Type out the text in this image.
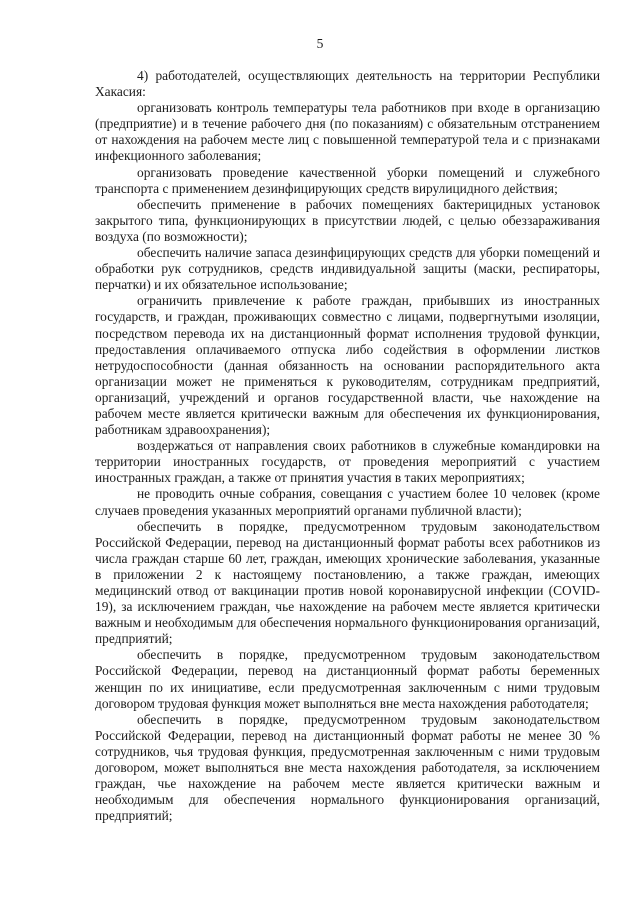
5

4) работодателей, осуществляющих деятельность на территории Республики Хакасия:

организовать контроль температуры тела работников при входе в организацию (предприятие) и в течение рабочего дня (по показаниям) с обязательным отстранением от нахождения на рабочем месте лиц с повышенной температурой тела и с признаками инфекционного заболевания;

организовать проведение качественной уборки помещений и служебного транспорта с применением дезинфицирующих средств вирулицидного действия;

обеспечить применение в рабочих помещениях бактерицидных установок закрытого типа, функционирующих в присутствии людей, с целью обеззараживания воздуха (по возможности);

обеспечить наличие запаса дезинфицирующих средств для уборки помещений и обработки рук сотрудников, средств индивидуальной защиты (маски, респираторы, перчатки) и их обязательное использование;

ограничить привлечение к работе граждан, прибывших из иностранных государств, и граждан, проживающих совместно с лицами, подвергнутыми изоляции, посредством перевода их на дистанционный формат исполнения трудовой функции, предоставления оплачиваемого отпуска либо содействия в оформлении листков нетрудоспособности (данная обязанность на основании распорядительного акта организации может не применяться к руководителям, сотрудникам предприятий, организаций, учреждений и органов государственной власти, чье нахождение на рабочем месте является критически важным для обеспечения их функционирования, работникам здравоохранения);

воздержаться от направления своих работников в служебные командировки на территории иностранных государств, от проведения мероприятий с участием иностранных граждан, а также от принятия участия в таких мероприятиях;

не проводить очные собрания, совещания с участием более 10 человек (кроме случаев проведения указанных мероприятий органами публичной власти);

обеспечить в порядке, предусмотренном трудовым законодательством Российской Федерации, перевод на дистанционный формат работы всех работников из числа граждан старше 60 лет, граждан, имеющих хронические заболевания, указанные в приложении 2 к настоящему постановлению, а также граждан, имеющих медицинский отвод от вакцинации против новой коронавирусной инфекции (COVID-19), за исключением граждан, чье нахождение на рабочем месте является критически важным и необходимым для обеспечения нормального функционирования организаций, предприятий;

обеспечить в порядке, предусмотренном трудовым законодательством Российской Федерации, перевод на дистанционный формат работы беременных женщин по их инициативе, если предусмотренная заключенным с ними трудовым договором трудовая функция может выполняться вне места нахождения работодателя;

обеспечить в порядке, предусмотренном трудовым законодательством Российской Федерации, перевод на дистанционный формат работы не менее 30 % сотрудников, чья трудовая функция, предусмотренная заключенным с ними трудовым договором, может выполняться вне места нахождения работодателя, за исключением граждан, чье нахождение на рабочем месте является критически важным и необходимым для обеспечения нормального функционирования организаций, предприятий;
